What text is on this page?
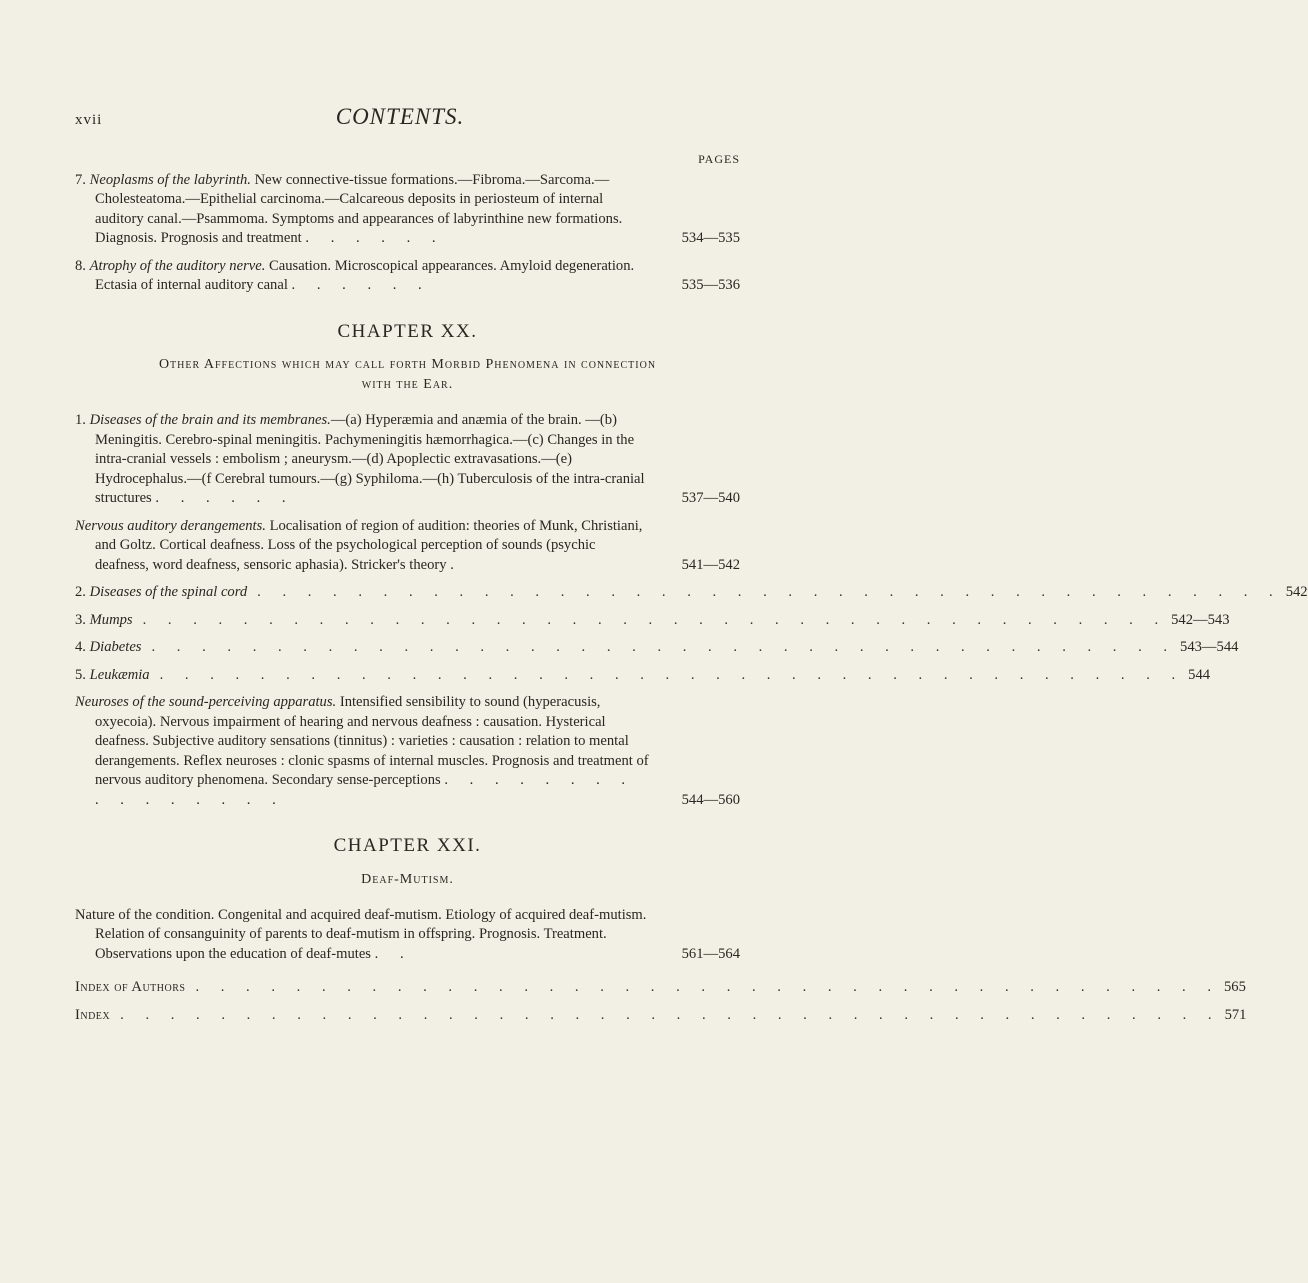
xvii	CONTENTS.
PAGES
7. Neoplasms of the labyrinth. New connective-tissue formations.—Fibroma.—Sarcoma.—Cholesteatoma.—Epithelial carcinoma.—Calcareous deposits in periosteum of internal auditory canal.—Psammoma. Symptoms and appearances of labyrinthine new formations. Diagnosis. Prognosis and treatment . . . . . .	534—535
8. Atrophy of the auditory nerve. Causation. Microscopical appearances. Amyloid degeneration. Ectasia of internal auditory canal . . . . . .	535—536
CHAPTER XX.
Other Affections which may call forth Morbid Phenomena in connection
with the Ear.
1. Diseases of the brain and its membranes.—(a) Hyperæmia and anæmia of the brain. —(b) Meningitis. Cerebro-spinal meningitis. Pachymeningitis hæmorrhagica.—(c) Changes in the intra-cranial vessels : embolism ; aneurysm.—(d) Apoplectic extravasations.—(e) Hydrocephalus.—(f Cerebral tumours.—(g) Syphiloma.—(h) Tuberculosis of the intra-cranial structures . . . . . .	537—540
Nervous auditory derangements. Localisation of region of audition: theories of Munk, Christiani, and Goltz. Cortical deafness. Loss of the psychological perception of sounds (psychic deafness, word deafness, sensoric aphasia). Stricker's theory .	541—542
2. Diseases of the spinal cord . . . . . . . . . . . . . . . . . . . . . . . . . . . . . . . . . . . . . . . . . 542
3. Mumps . . . . . . . . . . . . . . . . . . . . . . . . . . . . . . . . . . . . . . . . . 542—543
4. Diabetes . . . . . . . . . . . . . . . . . . . . . . . . . . . . . . . . . . . . . . . . . 543—544
5. Leukæmia . . . . . . . . . . . . . . . . . . . . . . . . . . . . . . . . . . . . . . . . . 544
Neuroses of the sound-perceiving apparatus. Intensified sensibility to sound (hyperacusis, oxyecoia). Nervous impairment of hearing and nervous deafness : causation. Hysterical deafness. Subjective auditory sensations (tinnitus) : varieties : causation : relation to mental derangements. Reflex neuroses : clonic spasms of internal muscles. Prognosis and treatment of nervous auditory phenomena. Secondary sense-perceptions . . . . . . . . . . . . . . . .	544—560
CHAPTER XXI.
Deaf-Mutism.
Nature of the condition. Congenital and acquired deaf-mutism. Etiology of acquired deaf-mutism. Relation of consanguinity of parents to deaf-mutism in offspring. Prognosis. Treatment. Observations upon the education of deaf-mutes . .	561—564
Index of Authors . . . . . . . . . . . . . . . . . . . . . . . . . . . . . . . . . . . . . . . . . 565
Index . . . . . . . . . . . . . . . . . . . . . . . . . . . . . . . . . . . . . . . . . . . . 571
